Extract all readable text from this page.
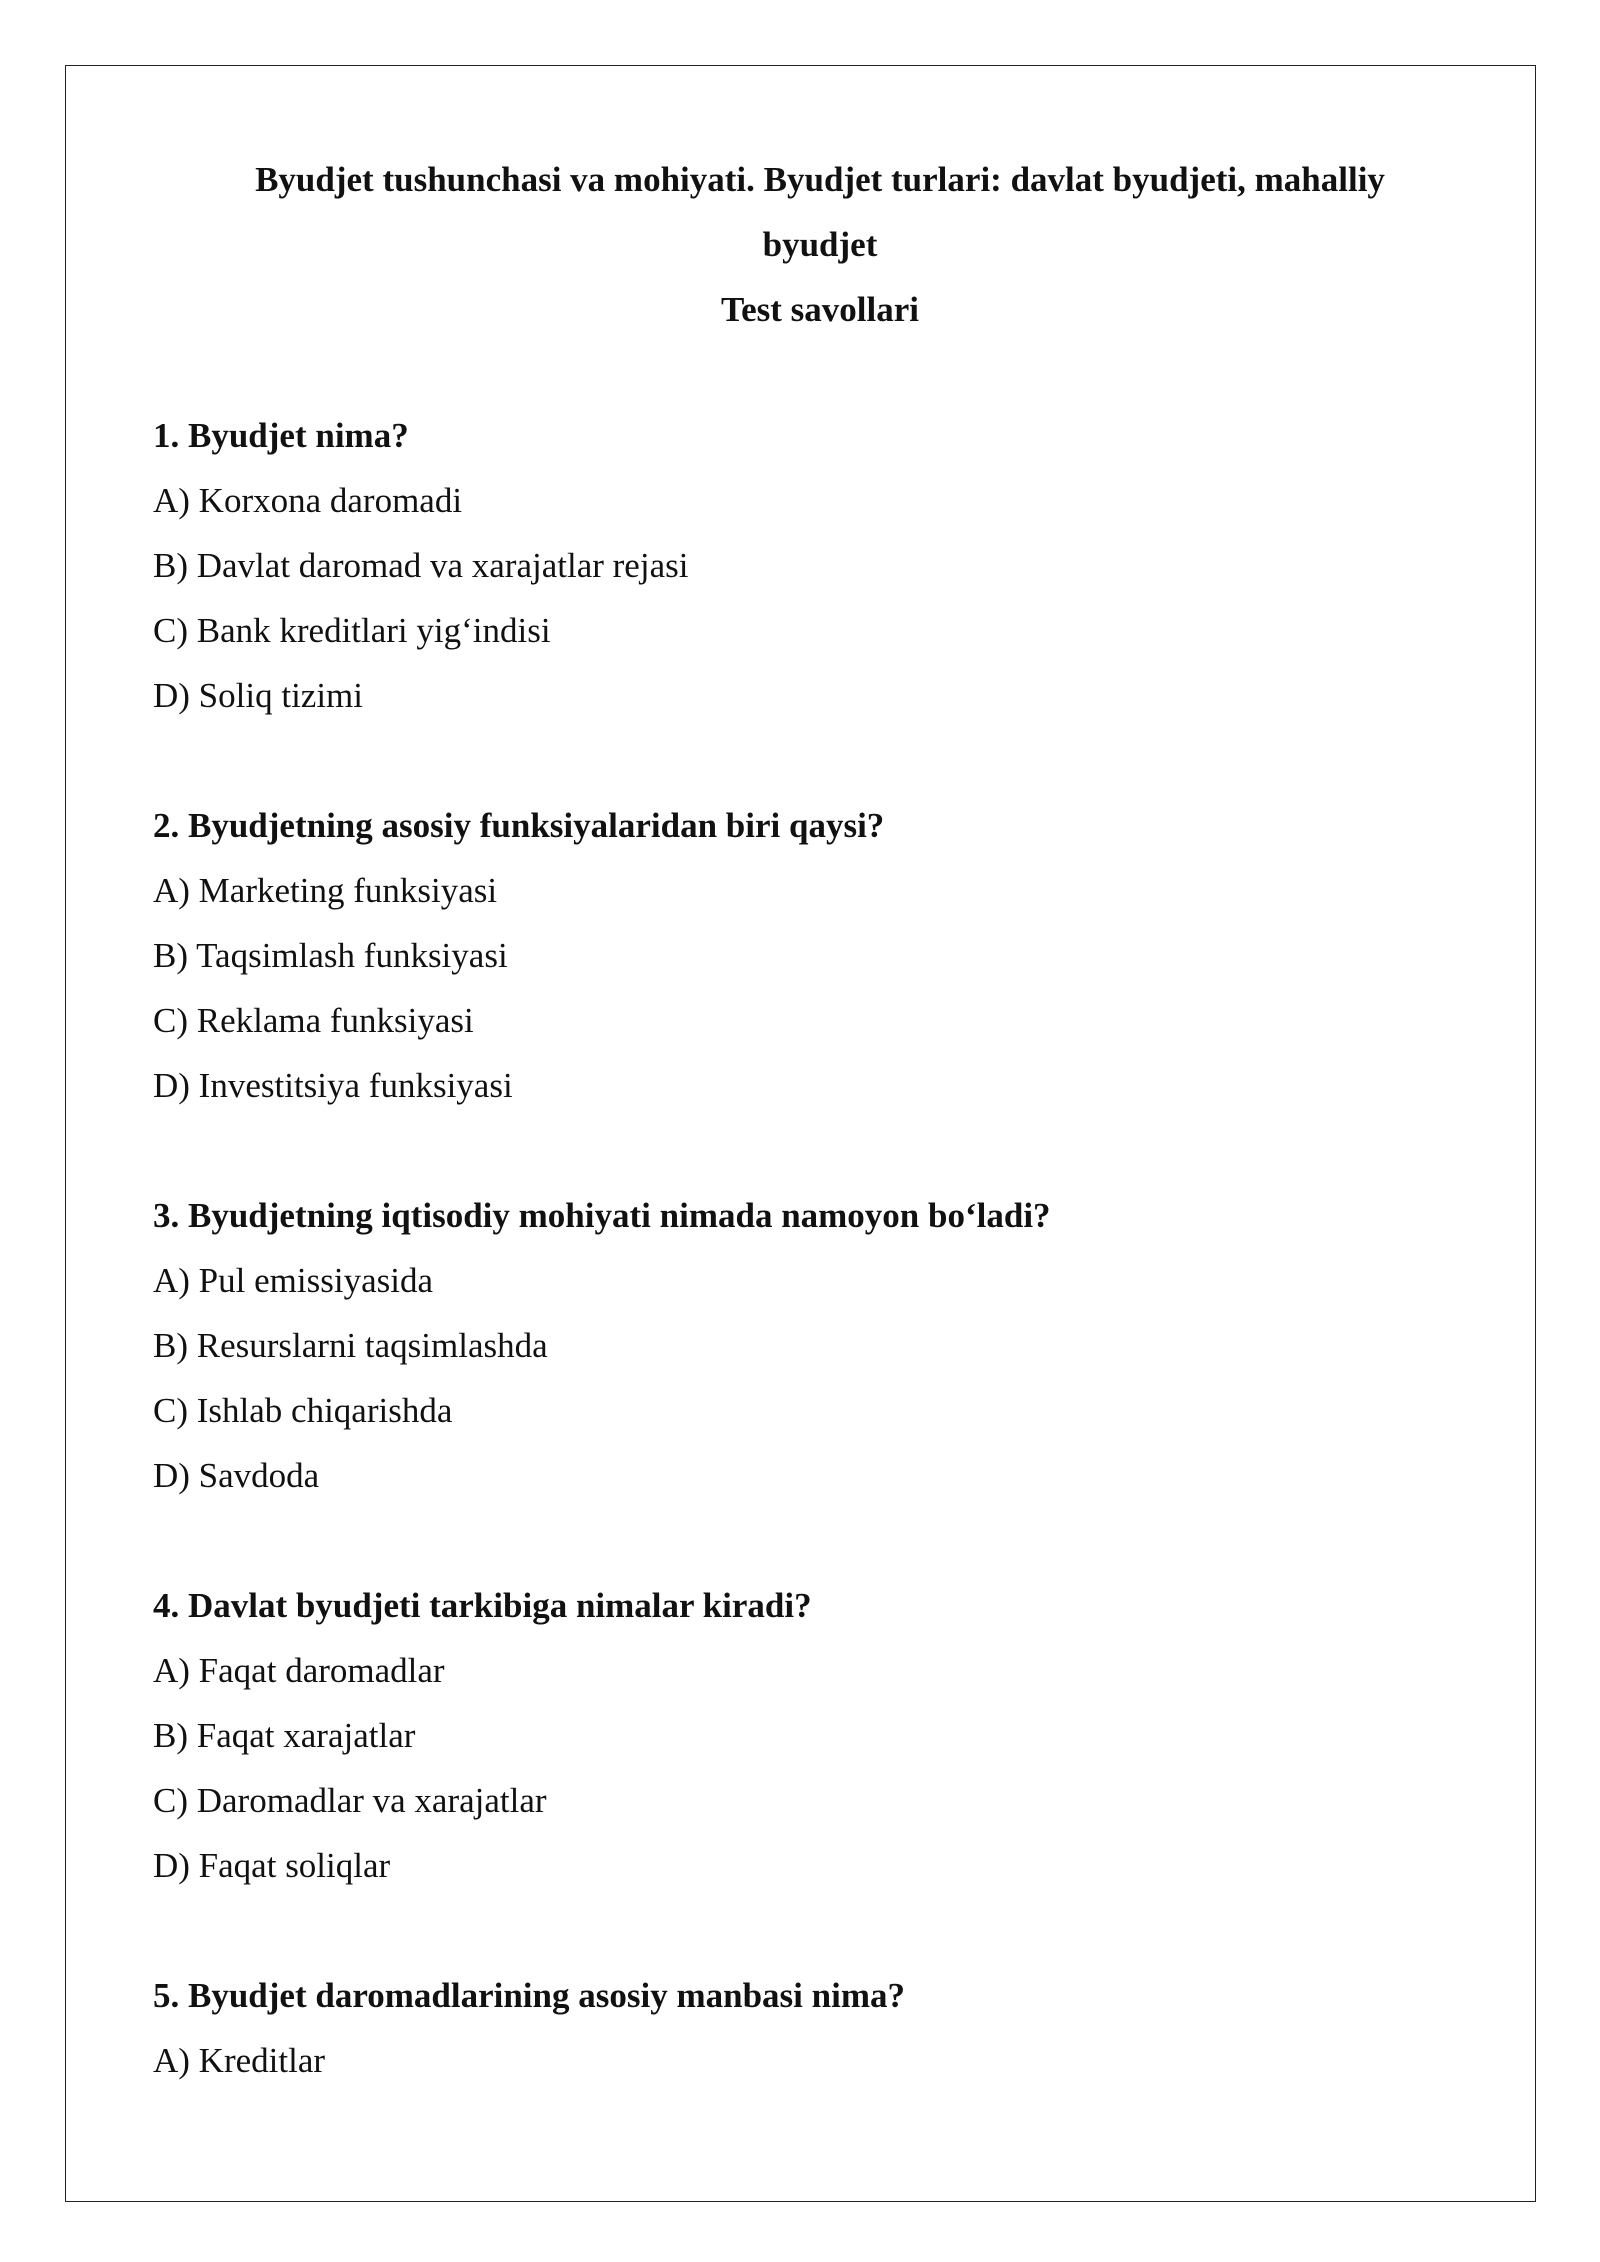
Byudjet tushunchasi va mohiyati. Byudjet turlari: davlat byudjeti, mahalliy
byudjet
Test savollari
1. Byudjet nima?
A) Korxona daromadi
B) Davlat daromad va xarajatlar rejasi
C) Bank kreditlari yig‘indisi
D) Soliq tizimi
2. Byudjetning asosiy funksiyalaridan biri qaysi?
A) Marketing funksiyasi
B) Taqsimlash funksiyasi
C) Reklama funksiyasi
D) Investitsiya funksiyasi
3. Byudjetning iqtisodiy mohiyati nimada namoyon bo‘ladi?
A) Pul emissiyasida
B) Resurslarni taqsimlashda
C) Ishlab chiqarishda
D) Savdoda
4. Davlat byudjeti tarkibiga nimalar kiradi?
A) Faqat daromadlar
B) Faqat xarajatlar
C) Daromadlar va xarajatlar
D) Faqat soliqlar
5. Byudjet daromadlarining asosiy manbasi nima?
A) Kreditlar
